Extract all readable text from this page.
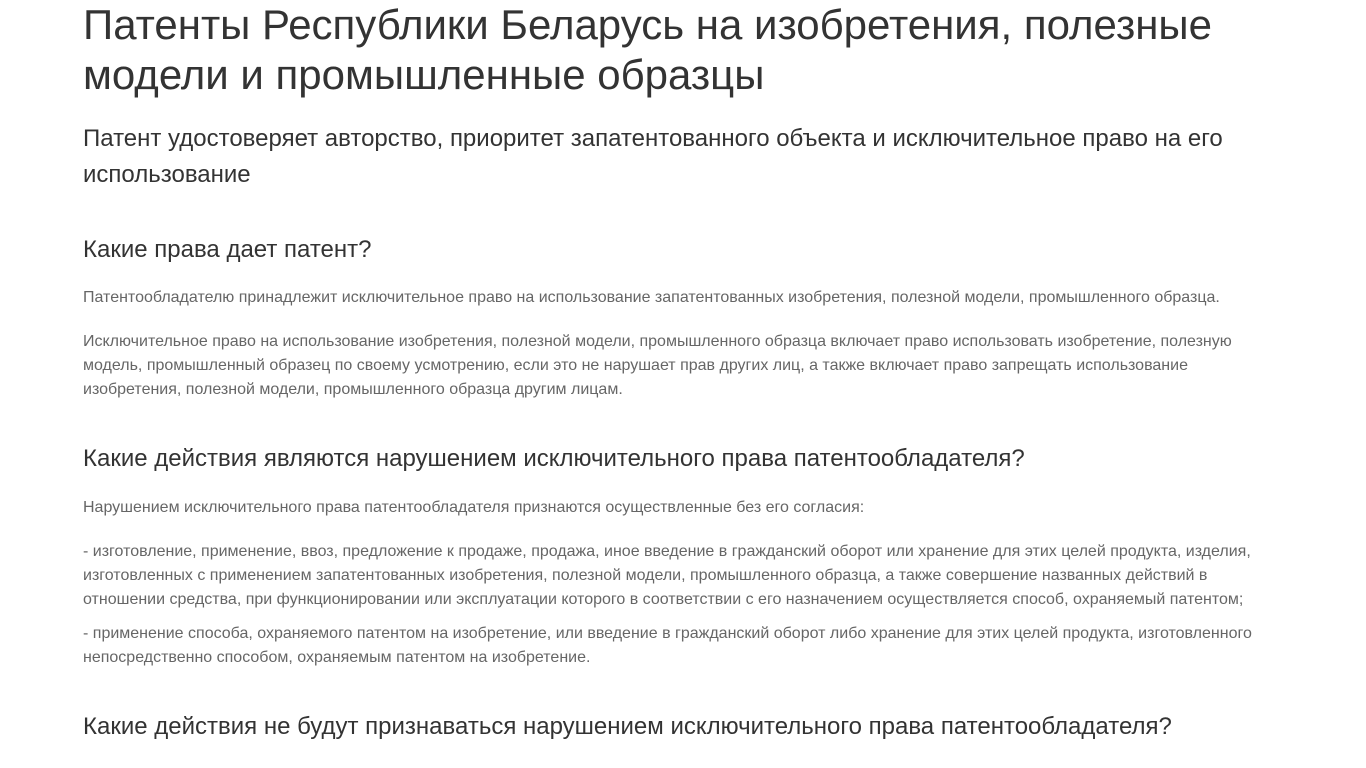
Патенты Республики Беларусь на изобретения, полезные модели и промышленные образцы
Патент удостоверяет авторство, приоритет запатентованного объекта и исключительное право на его использование
Какие права дает патент?

Патентообладателю принадлежит исключительное право на использование запатентованных изобретения, полезной модели, промышленного образца.

Исключительное право на использование изобретения, полезной модели, промышленного образца включает право использовать изобретение, полезную модель, промышленный образец по своему усмотрению, если это не нарушает прав других лиц, а также включает право запрещать использование изобретения, полезной модели, промышленного образца другим лицам.

Какие действия являются нарушением исключительного права патентообладателя?

Нарушением исключительного права патентообладателя признаются осуществленные без его согласия:

- изготовление, применение, ввоз, предложение к продаже, продажа, иное введение в гражданский оборот или хранение для этих целей продукта, изделия, изготовленных с применением запатентованных изобретения, полезной модели, промышленного образца, а также совершение названных действий в отношении средства, при функционировании или эксплуатации которого в соответствии с его назначением осуществляется способ, охраняемый патентом;

- применение способа, охраняемого патентом на изобретение, или введение в гражданский оборот либо хранение для этих целей продукта, изготовленного непосредственно способом, охраняемым патентом на изобретение.

Какие действия не будут признаваться нарушением исключительного права патентообладателя?
